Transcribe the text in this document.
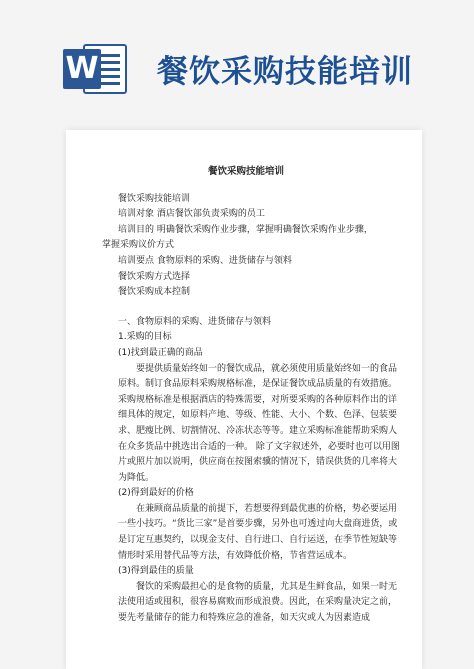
W 餐饮采购技能培训
餐饮采购技能培训
餐饮采购技能培训
培训对象 酒店餐饮部负责采购的员工
培训目的 明确餐饮采购作业步骤，掌握明确餐饮采购作业步骤，
掌握采购议价方式
培训要点 食物原料的采购、进货储存与领料
餐饮采购方式选择
餐饮采购成本控制
一、食物原料的采购、进货储存与领料
1.采购的目标
(1)找到最正确的商品

要提供质量始终如一的餐饮成品，就必须使用质量始终如一的食品原料。制订食品原料采购规格标准，是保证餐饮成品质量的有效措施。采购规格标准是根据酒店的特殊需要，对所要采购的各种原料作出的详细具体的规定，如原料产地、等级、性能、大小、个数、色泽、包装要求、肥瘦比例、切割情况、冷冻状态等等。建立采购标准能帮助采购人在众多货品中挑选出合适的一种。 除了文字叙述外，必要时也可以用图片或照片加以说明，供应商在按图索骥的情况下，错误供货的几率将大为降低。

(2)得到最好的价格

在兼顾商品质量的前提下，若想要得到最优惠的价格，势必要运用一些小技巧。“货比三家”是首要步骤，另外也可透过向大盘商进货，或是订定互惠契约，以现金支付、自行进口、自行运送，在季节性短缺等情形时采用替代品等方法，有效降低价格，节省营运成本。

(3)得到最佳的质量

餐饮的采购最担心的是食物的质量，尤其是生鲜食品，如果一时无法使用适或囤积，很容易腐败而形成浪费。因此，在采购量决定之前，要先考量储存的能力和特殊应急的准备，如天灾或人为因素造成
